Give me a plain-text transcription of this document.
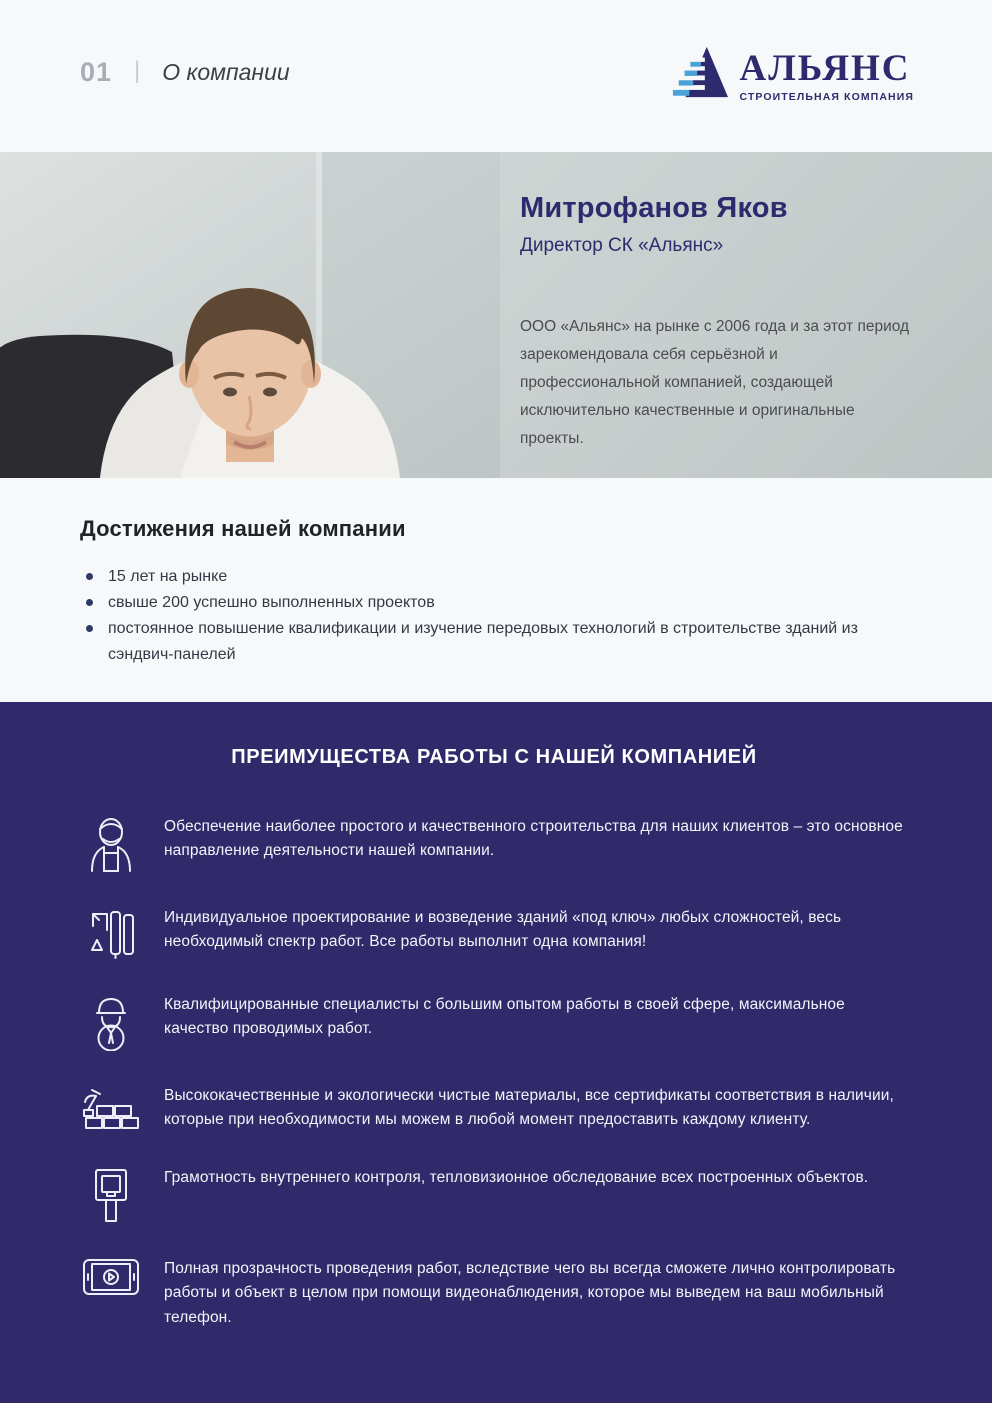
01 | О компании	АЛЬЯНС
СТРОИТЕЛЬНАЯ КОМПАНИЯ
Митрофанов Яков
Директор СК «Альянс»
ООО «Альянс» на рынке с 2006 года и за этот период зарекомендовала себя серьёзной и профессиональной компанией, создающей исключительно качественные и оригинальные проекты.
Достижения нашей компании
15 лет на рынке
свыше 200 успешно выполненных проектов
постоянное повышение квалификации и изучение передовых технологий в строительстве зданий из сэндвич-панелей
ПРЕИМУЩЕСТВА РАБОТЫ С НАШЕЙ КОМПАНИЕЙ

Обеспечение наиболее простого и качественного строительства для наших клиентов – это основное направление деятельности нашей компании.

Индивидуальное проектирование и возведение зданий «под ключ» любых сложностей, весь необходимый спектр работ. Все работы выполнит одна компания!

Квалифицированные специалисты с большим опытом работы в своей сфере, максимальное качество проводимых работ.

Высококачественные и экологически чистые материалы, все сертификаты соответствия в наличии, которые при необходимости мы можем в любой момент предоставить каждому клиенту.

Грамотность внутреннего контроля, тепловизионное обследование всех построенных объектов.

Полная прозрачность проведения работ, вследствие чего вы всегда сможете лично контролировать работы и объект в целом при помощи видеонаблюдения, которое мы выведем на ваш мобильный телефон.
